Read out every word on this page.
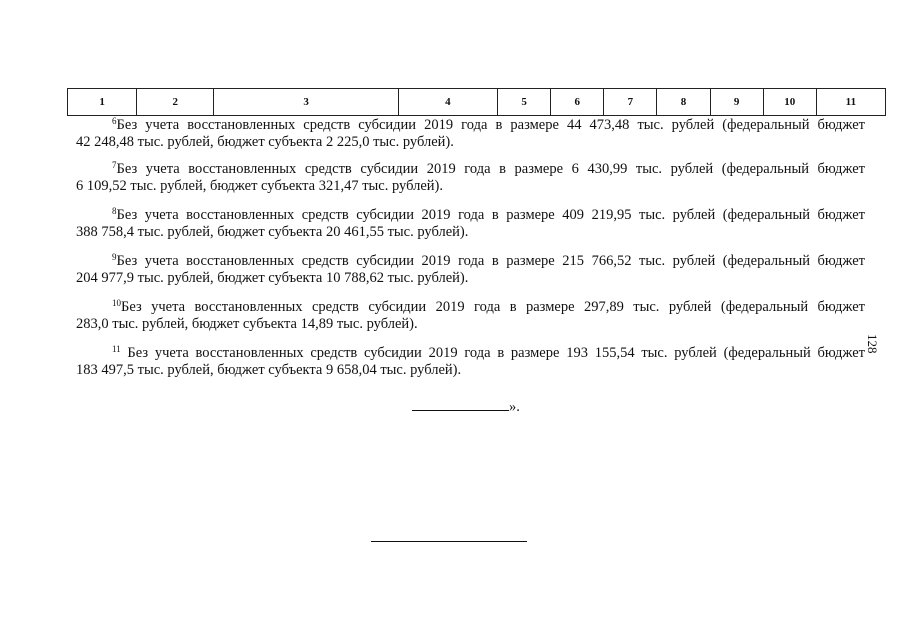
1	2	3	4	5	6	7	8	9	10	11
$^6$Без учета восстановленных средств субсидии 2019 года в размере 44 473,48 тыс. рублей (федеральный бюджет
42 248,48 тыс. рублей, бюджет субъекта 2 225,0 тыс. рублей).
$^7$Без учета восстановленных средств субсидии 2019 года в размере 6 430,99 тыс. рублей (федеральный бюджет
6 109,52 тыс. рублей, бюджет субъекта 321,47 тыс. рублей).
$^8$Без учета восстановленных средств субсидии 2019 года в размере 409 219,95 тыс. рублей (федеральный бюджет
388 758,4 тыс. рублей, бюджет субъекта 20 461,55 тыс. рублей).
$^9$Без учета восстановленных средств субсидии 2019 года в размере 215 766,52 тыс. рублей (федеральный бюджет
204 977,9 тыс. рублей, бюджет субъекта 10 788,62 тыс. рублей).
$^{10}$Без учета восстановленных средств субсидии 2019 года в размере 297,89 тыс. рублей (федеральный бюджет
283,0 тыс. рублей, бюджет субъекта 14,89 тыс. рублей).
$^{11}$ Без учета восстановленных средств субсидии 2019 года в размере 193 155,54 тыс. рублей (федеральный бюджет
183 497,5 тыс. рублей, бюджет субъекта 9 658,04 тыс. рублей).
».
128
